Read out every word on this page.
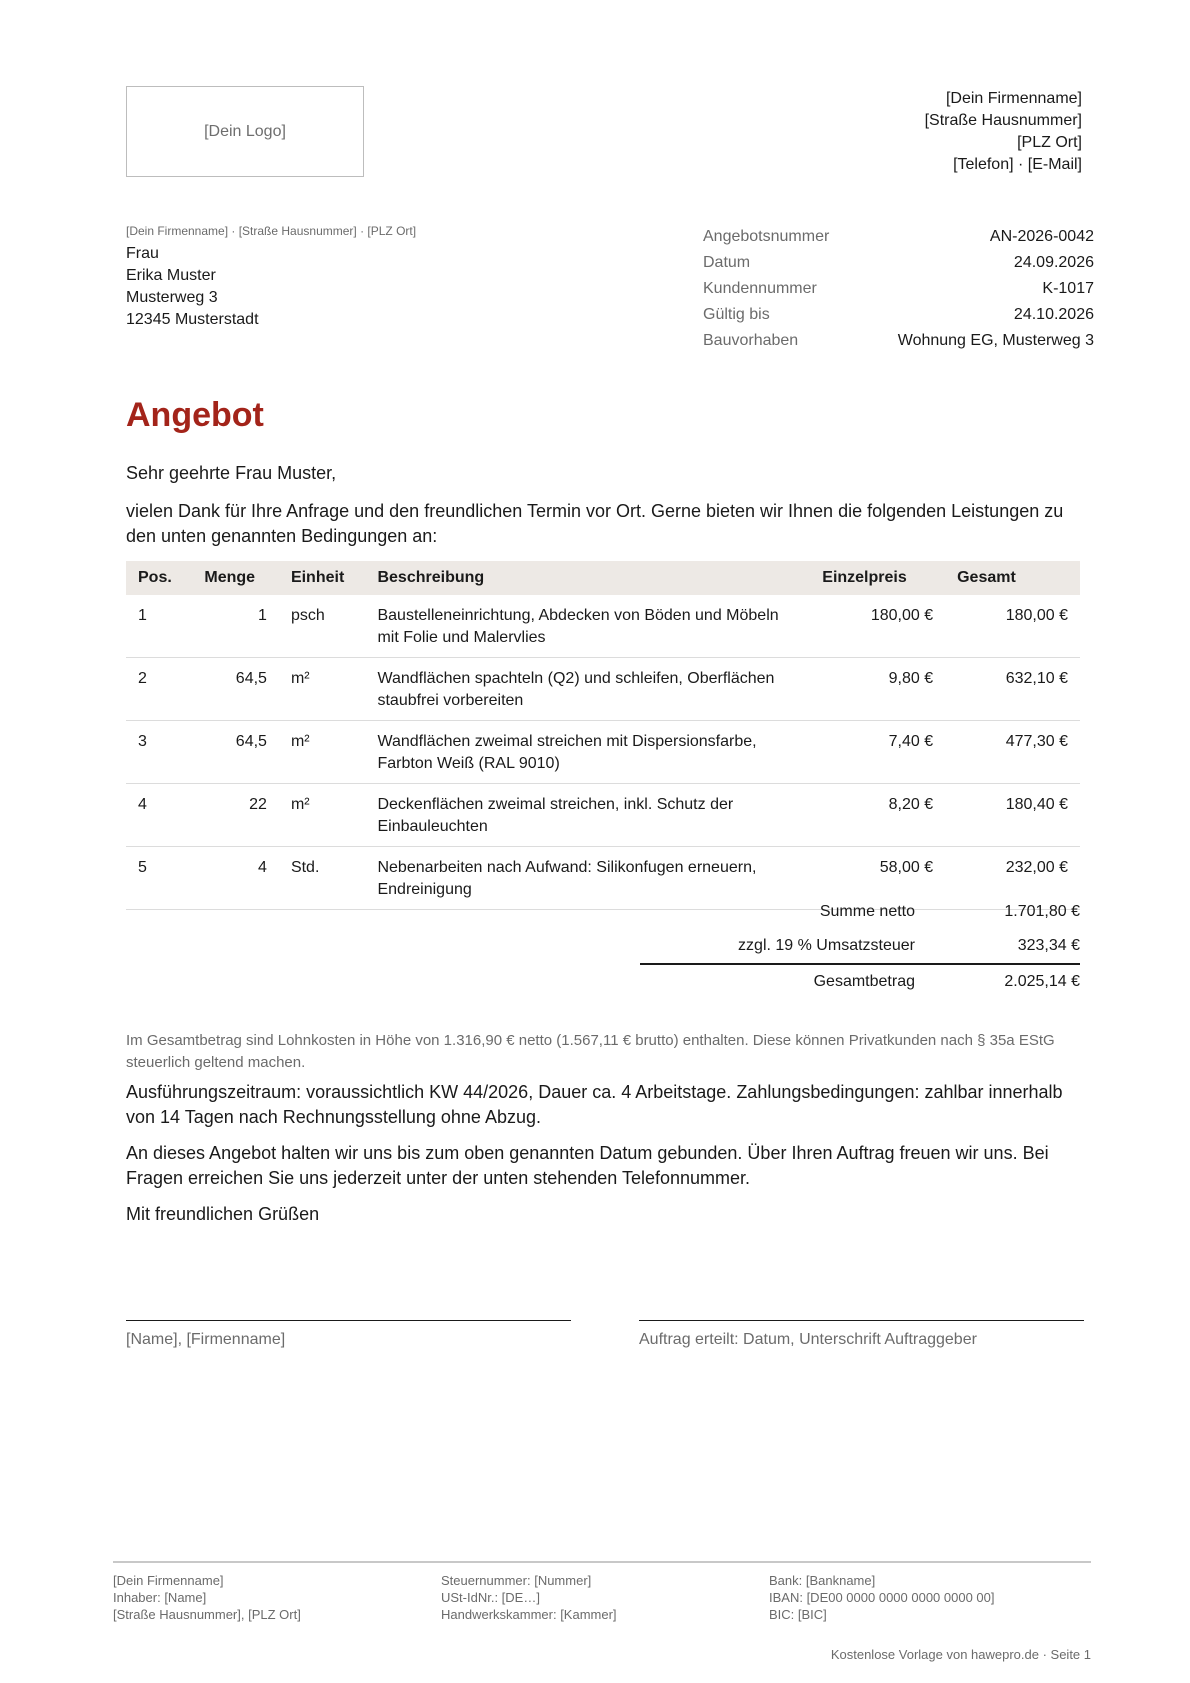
[Dein Logo]
[Dein Firmenname]
[Straße Hausnummer]
[PLZ Ort]
[Telefon] · [E-Mail]
[Dein Firmenname] · [Straße Hausnummer] · [PLZ Ort]
Frau
Erika Muster
Musterweg 3
12345 Musterstadt
Angebotsnummer	AN-2026-0042
Datum	24.09.2026
Kundennummer	K-1017
Gültig bis	24.10.2026
Bauvorhaben	Wohnung EG, Musterweg 3
Angebot
Sehr geehrte Frau Muster,
vielen Dank für Ihre Anfrage und den freundlichen Termin vor Ort. Gerne bieten wir Ihnen die folgenden Leistungen zu den unten genannten Bedingungen an:
Pos.	Menge	Einheit	Beschreibung	Einzelpreis	Gesamt
1	1	psch	Baustelleneinrichtung, Abdecken von Böden und Möbeln mit Folie und Malervlies	180,00 €	180,00 €
2	64,5	m²	Wandflächen spachteln (Q2) und schleifen, Oberflächen staubfrei vorbereiten	9,80 €	632,10 €
3	64,5	m²	Wandflächen zweimal streichen mit Dispersionsfarbe, Farbton Weiß (RAL 9010)	7,40 €	477,30 €
4	22	m²	Deckenflächen zweimal streichen, inkl. Schutz der Einbauleuchten	8,20 €	180,40 €
5	4	Std.	Nebenarbeiten nach Aufwand: Silikonfugen erneuern, Endreinigung	58,00 €	232,00 €
Summe netto	1.701,80 €
zzgl. 19 % Umsatzsteuer	323,34 €
Gesamtbetrag	2.025,14 €
Im Gesamtbetrag sind Lohnkosten in Höhe von 1.316,90 € netto (1.567,11 € brutto) enthalten. Diese können Privatkunden nach § 35a EStG steuerlich geltend machen.
Ausführungszeitraum: voraussichtlich KW 44/2026, Dauer ca. 4 Arbeitstage. Zahlungsbedingungen: zahlbar innerhalb von 14 Tagen nach Rechnungsstellung ohne Abzug.
An dieses Angebot halten wir uns bis zum oben genannten Datum gebunden. Über Ihren Auftrag freuen wir uns. Bei Fragen erreichen Sie uns jederzeit unter der unten stehenden Telefonnummer.
Mit freundlichen Grüßen
[Name], [Firmenname]	Auftrag erteilt: Datum, Unterschrift Auftraggeber
[Dein Firmenname]
Inhaber: [Name]
[Straße Hausnummer], [PLZ Ort]
Steuernummer: [Nummer]
USt-IdNr.: [DE…]
Handwerkskammer: [Kammer]
Bank: [Bankname]
IBAN: [DE00 0000 0000 0000 0000 00]
BIC: [BIC]
Kostenlose Vorlage von hawepro.de · Seite 1
